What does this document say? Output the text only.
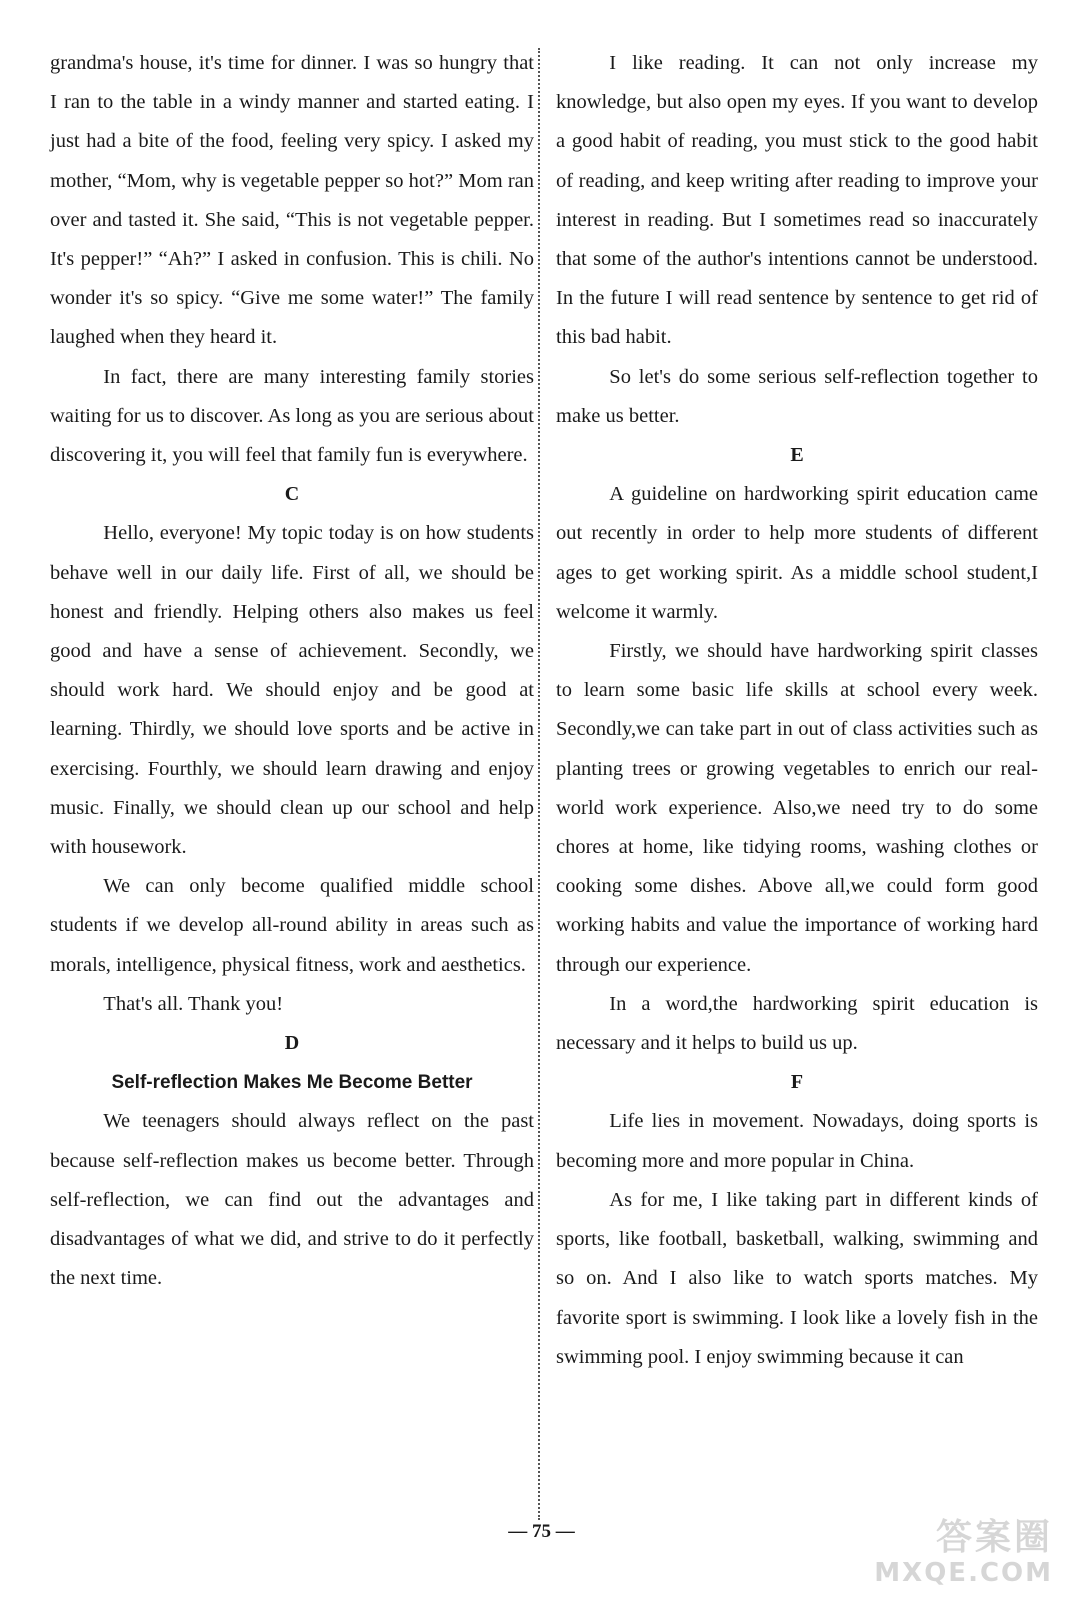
grandma's house, it's time for dinner. I was so hungry that I ran to the table in a windy manner and started eating. I just had a bite of the food, feeling very spicy. I asked my mother, “Mom, why is vegetable pepper so hot?” Mom ran over and tasted it. She said, “This is not vegetable pepper. It's pepper!” “Ah?” I asked in confusion. This is chili. No wonder it's so spicy. “Give me some water!” The family laughed when they heard it.

In fact, there are many interesting family stories waiting for us to discover. As long as you are serious about discovering it, you will feel that family fun is everywhere.

C

Hello, everyone! My topic today is on how students behave well in our daily life. First of all, we should be honest and friendly. Helping others also makes us feel good and have a sense of achievement. Secondly, we should work hard. We should enjoy and be good at learning. Thirdly, we should love sports and be active in exercising. Fourthly, we should learn drawing and enjoy music. Finally, we should clean up our school and help with housework.

We can only become qualified middle school students if we develop all-round ability in areas such as morals, intelligence, physical fitness, work and aesthetics.

That's all. Thank you!

D
Self-reflection Makes Me Become Better

We teenagers should always reflect on the past because self-reflection makes us become better. Through self-reflection, we can find out the advantages and disadvantages of what we did, and strive to do it perfectly the next time.

I like reading. It can not only increase my knowledge, but also open my eyes. If you want to develop a good habit of reading, you must stick to the good habit of reading, and keep writing after reading to improve your interest in reading. But I sometimes read so inaccurately that some of the author's intentions cannot be understood. In the future I will read sentence by sentence to get rid of this bad habit.

So let's do some serious self-reflection together to make us better.

E

A guideline on hardworking spirit education came out recently in order to help more students of different ages to get working spirit. As a middle school student,I welcome it warmly.

Firstly, we should have hardworking spirit classes to learn some basic life skills at school every week. Secondly,we can take part in out of class activities such as planting trees or growing vegetables to enrich our real-world work experience. Also,we need try to do some chores at home, like tidying rooms, washing clothes or cooking some dishes. Above all,we could form good working habits and value the importance of working hard through our experience.

In a word,the hardworking spirit education is necessary and it helps to build us up.

F

Life lies in movement. Nowadays, doing sports is becoming more and more popular in China.

As for me, I like taking part in different kinds of sports, like football, basketball, walking, swimming and so on. And I also like to watch sports matches. My favorite sport is swimming. I look like a lovely fish in the swimming pool. I enjoy swimming because it can

— 75 —	答案圈
MXQE.COM
